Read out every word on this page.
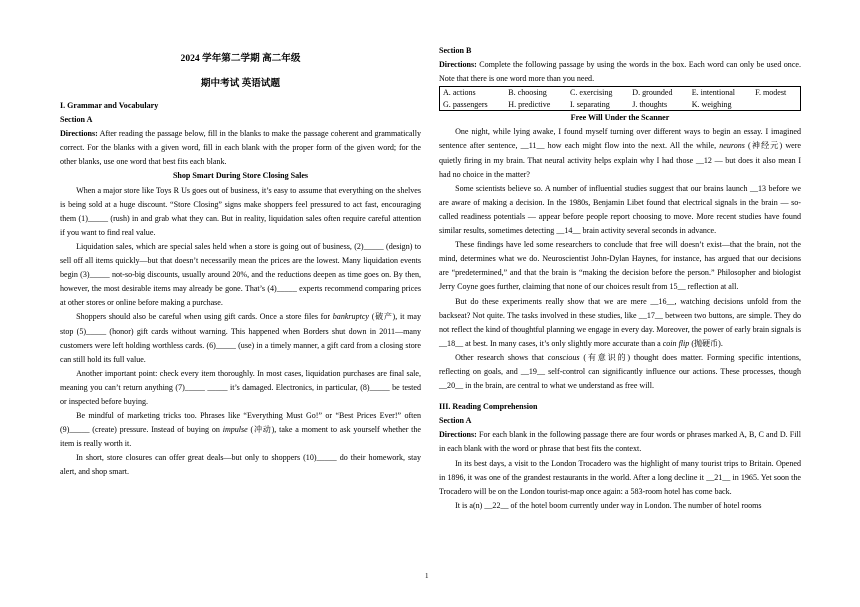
2024 学年第二学期 高二年级
期中考试 英语试题

I. Grammar and Vocabulary

Section A

Directions: After reading the passage below, fill in the blanks to make the passage coherent and grammatically correct. For the blanks with a given word, fill in each blank with the proper form of the given word; for the other blanks, use one word that best fits each blank.

Shop Smart During Store Closing Sales

When a major store like Toys R Us goes out of business, it’s easy to assume that everything on the shelves is being sold at a huge discount. “Store Closing” signs make shoppers feel pressured to act fast, encouraging them (1)_____ (rush) in and grab what they can. But in reality, liquidation sales often require careful attention if you want to find real value.

Liquidation sales, which are special sales held when a store is going out of business, (2)_____ (design) to sell off all items quickly—but that doesn’t necessarily mean the prices are the lowest. Many liquidation events begin (3)_____ not-so-big discounts, usually around 20%, and the reductions deepen as time goes on. By then, however, the most desirable items may already be gone. That’s (4)_____ experts recommend comparing prices at other stores or online before making a purchase.

Shoppers should also be careful when using gift cards. Once a store files for bankruptcy (破产), it may stop (5)_____ (honor) gift cards without warning. This happened when Borders shut down in 2011—many customers were left holding worthless cards. (6)_____ (use) in a timely manner, a gift card from a closing store can still hold its full value.

Another important point: check every item thoroughly. In most cases, liquidation purchases are final sale, meaning you can’t return anything (7)_____ _____ it’s damaged. Electronics, in particular, (8)_____ be tested or inspected before buying.

Be mindful of marketing tricks too. Phrases like “Everything Must Go!” or “Best Prices Ever!” often (9)_____ (create) pressure. Instead of buying on impulse (冲动), take a moment to ask yourself whether the item is really worth it.

In short, store closures can offer great deals—but only to shoppers (10)_____ do their homework, stay alert, and shop smart.

Section B

Directions: Complete the following passage by using the words in the box. Each word can only be used once. Note that there is one word more than you need.

A. actions	B. choosing	C. exercising	D. grounded	E. intentional	F. modest
G. passengers	H. predictive	I. separating	J. thoughts	K. weighing	

Free Will Under the Scanner

One night, while lying awake, I found myself turning over different ways to begin an essay. I imagined sentence after sentence, __11__ how each might flow into the next. All the while, neurons (神经元) were quietly firing in my brain. That neural activity helps explain why I had those __12 — but does it also mean I had no choice in the matter?

Some scientists believe so. A number of influential studies suggest that our brains launch __13 before we are aware of making a decision. In the 1980s, Benjamin Libet found that electrical signals in the brain — so-called readiness potentials — appear before people report choosing to move. More recent studies have found similar results, sometimes detecting __14__ brain activity several seconds in advance.

These findings have led some researchers to conclude that free will doesn’t exist—that the brain, not the mind, determines what we do. Neuroscientist John-Dylan Haynes, for instance, has argued that our decisions are “predetermined,” and that the brain is “making the decision before the person.” Philosopher and biologist Jerry Coyne goes further, claiming that none of our choices result from 15__ reflection at all.

But do these experiments really show that we are mere __16__, watching decisions unfold from the backseat? Not quite. The tasks involved in these studies, like __17__ between two buttons, are simple. They do not reflect the kind of thoughtful planning we engage in every day. Moreover, the power of early brain signals is __18__ at best. In many cases, it’s only slightly more accurate than a coin flip (抛硬币).

Other research shows that conscious (有意识的) thought does matter. Forming specific intentions, reflecting on goals, and __19__ self-control can significantly influence our actions. These processes, though __20__ in the brain, are central to what we understand as free will.

III. Reading Comprehension

Section A

Directions: For each blank in the following passage there are four words or phrases marked A, B, C and D. Fill in each blank with the word or phrase that best fits the context.

In its best days, a visit to the London Trocadero was the highlight of many tourist trips to Britain. Opened in 1896, it was one of the grandest restaurants in the world. After a long decline it __21__ in 1965. Yet soon the Trocadero will be on the London tourist-map once again: a 583-room hotel has come back.

It is a(n) __22__ of the hotel boom currently under way in London. The number of hotel rooms

1
